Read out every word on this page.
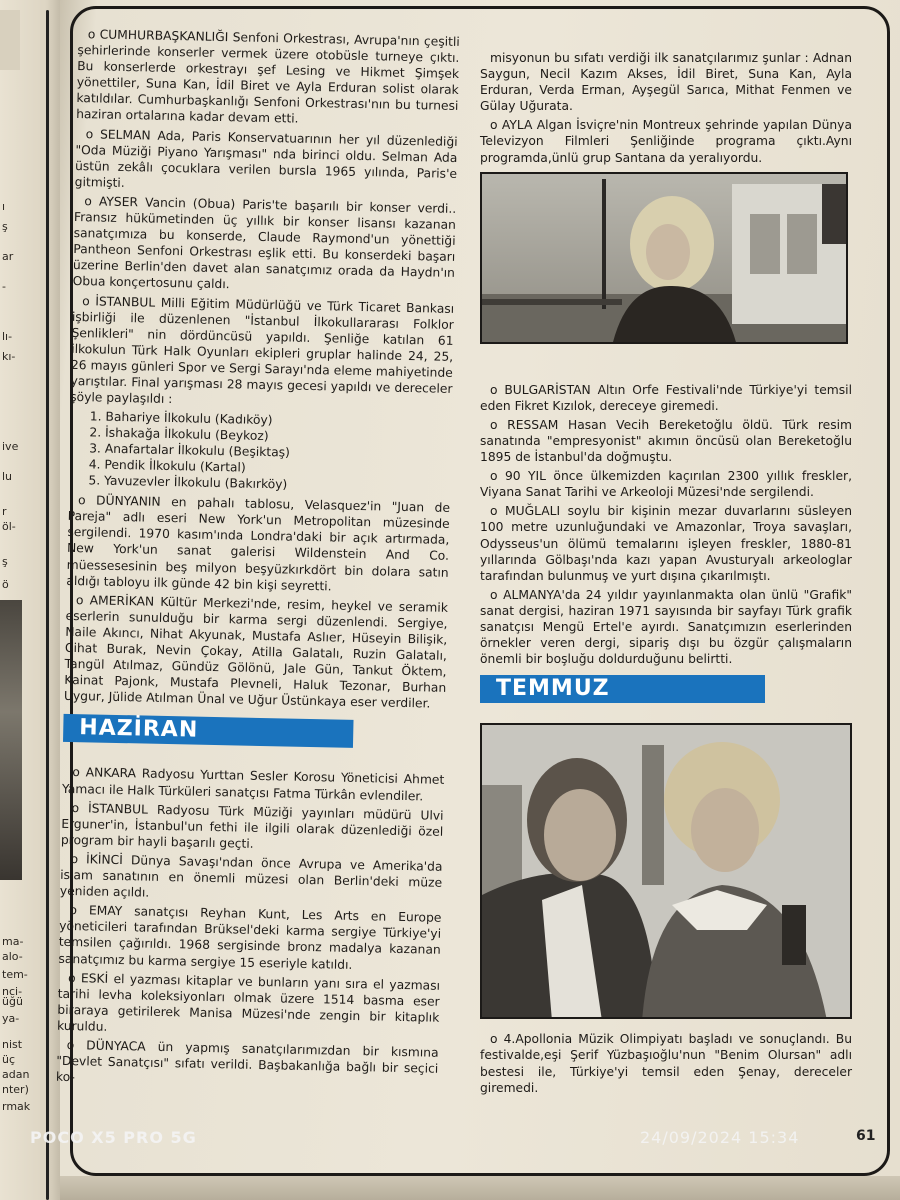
ma-
alo-
tem-
nci-
üğü
ya-
nist
üç
adan
nter)
rmak
ı
ş
ar
-
lı-
kı-
ive
lu
r
öl-
ş
ö

o CUMHURBAŞKANLIĞI Senfoni Orkestrası, Avrupa'nın çeşitli şehirlerinde konserler vermek üzere otobüsle turneye çıktı. Bu konserlerde orkestrayı şef Lesing ve Hikmet Şimşek yönettiler, Suna Kan, İdil Biret ve Ayla Erduran solist olarak katıldılar. Cumhurbaşkanlığı Senfoni Orkestrası'nın bu turnesi haziran ortalarına kadar devam etti.

o SELMAN Ada, Paris Konservatuarının her yıl düzenlediği "Oda Müziği Piyano Yarışması" nda birinci oldu. Selman Ada üstün zekâlı çocuklara verilen bursla 1965 yılında, Paris'e gitmişti.

o AYSER Vancin (Obua) Paris'te başarılı bir konser verdi.. Fransız hükümetinden üç yıllık bir konser lisansı kazanan sanatçımıza bu konserde, Claude Raymond'un yönettiği Pantheon Senfoni Orkestrası eşlik etti. Bu konserdeki başarı üzerine Berlin'den davet alan sanatçımız orada da Haydn'ın Obua konçertosunu çaldı.

o İSTANBUL Milli Eğitim Müdürlüğü ve Türk Ticaret Bankası işbirliği ile düzenlenen "İstanbul İlkokullararası Folklor Şenlikleri" nin dördüncüsü yapıldı. Şenliğe katılan 61 ilkokulun Türk Halk Oyunları ekipleri gruplar halinde 24, 25, 26 mayıs günleri Spor ve Sergi Sarayı'nda eleme mahiyetinde yarıştılar. Final yarışması 28 mayıs gecesi yapıldı ve dereceler şöyle paylaşıldı :

1. Bahariye İlkokulu (Kadıköy)
2. İshakağa İlkokulu (Beykoz)
3. Anafartalar İlkokulu (Beşiktaş)
4. Pendik İlkokulu (Kartal)
5. Yavuzevler İlkokulu (Bakırköy)

o DÜNYANIN en pahalı tablosu, Velasquez'in "Juan de Pareja" adlı eseri New York'un Metropolitan müzesinde sergilendi. 1970 kasım'ında Londra'daki bir açık artırmada, New York'un sanat galerisi Wildenstein And Co. müessesesinin beş milyon beşyüzkırkdört bin dolara satın aldığı tabloyu ilk günde 42 bin kişi seyretti.

o AMERİKAN Kültür Merkezi'nde, resim, heykel ve seramik eserlerin sunulduğu bir karma sergi düzenlendi. Sergiye, Naile Akıncı, Nihat Akyunak, Mustafa Aslıer, Hüseyin Bilişik, Cihat Burak, Nevin Çokay, Atilla Galatalı, Ruzin Galatalı, Tangül Atılmaz, Gündüz Gölönü, Jale Gün, Tankut Öktem, Kainat Pajonk, Mustafa Plevneli, Haluk Tezonar, Burhan Uygur, Jülide Atılman Ünal ve Uğur Üstünkaya eser verdiler.

HAZİRAN

o ANKARA Radyosu Yurttan Sesler Korosu Yöneticisi Ahmet Yamacı ile Halk Türküleri sanatçısı Fatma Türkân evlendiler.

o İSTANBUL Radyosu Türk Müziği yayınları müdürü Ulvi Erguner'in, İstanbul'un fethi ile ilgili olarak düzenlediği özel program bir hayli başarılı geçti.

o İKİNCİ Dünya Savaşı'ndan önce Avrupa ve Amerika'da islam sanatının en önemli müzesi olan Berlin'deki müze yeniden açıldı.

o EMAY sanatçısı Reyhan Kunt, Les Arts en Europe yöneticileri tarafından Brüksel'deki karma sergiye Türkiye'yi temsilen çağırıldı. 1968 sergisinde bronz madalya kazanan sanatçımız bu karma sergiye 15 eseriyle katıldı.

o ESKİ el yazması kitaplar ve bunların yanı sıra el yazması tarihi levha koleksiyonları olmak üzere 1514 basma eser biraraya getirilerek Manisa Müzesi'nde zengin bir kitaplık kuruldu.

o DÜNYACA ün yapmış sanatçılarımızdan bir kısmına "Devlet Sanatçısı" sıfatı verildi. Başbakanlığa bağlı bir seçici ko-

misyonun bu sıfatı verdiği ilk sanatçılarımız şunlar : Adnan Saygun, Necil Kazım Akses, İdil Biret, Suna Kan, Ayla Erduran, Verda Erman, Ayşegül Sarıca, Mithat Fenmen ve Gülay Uğurata.

o AYLA Algan İsviçre'nin Montreux şehrinde yapılan Dünya Televizyon Filmleri Şenliğinde programa çıktı.Aynı programda,ünlü grup Santana da yeralıyordu.

o BULGARİSTAN Altın Orfe Festivali'nde Türkiye'yi temsil eden Fikret Kızılok, dereceye giremedi.

o RESSAM Hasan Vecih Bereketoğlu öldü. Türk resim sanatında "empresyonist" akımın öncüsü olan Bereketoğlu 1895 de İstanbul'da doğmuştu.

o 90 YIL önce ülkemizden kaçırılan 2300 yıllık freskler, Viyana Sanat Tarihi ve Arkeoloji Müzesi'nde sergilendi.

o MUĞLALI soylu bir kişinin mezar duvarlarını süsleyen 100 metre uzunluğundaki ve Amazonlar, Troya savaşları, Odysseus'un ölümü temalarını işleyen freskler, 1880-81 yıllarında Gölbaşı'nda kazı yapan Avusturyalı arkeologlar tarafından bulunmuş ve yurt dışına çıkarılmıştı.

o ALMANYA'da 24 yıldır yayınlanmakta olan ünlü "Grafik" sanat dergisi, haziran 1971 sayısında bir sayfayı Türk grafik sanatçısı Mengü Ertel'e ayırdı. Sanatçımızın eserlerinden örnekler veren dergi, sipariş dışı bu özgür çalışmaların önemli bir boşluğu doldurduğunu belirtti.

TEMMUZ

o 4.Apollonia Müzik Olimpiyatı başladı ve sonuçlandı. Bu festivalde,eşi Şerif Yüzbaşıoğlu'nun "Benim Olursan" adlı bestesi ile, Türkiye'yi temsil eden Şenay, dereceler giremedi.

POCO X5 PRO 5G	24/09/2024 15:34	61
